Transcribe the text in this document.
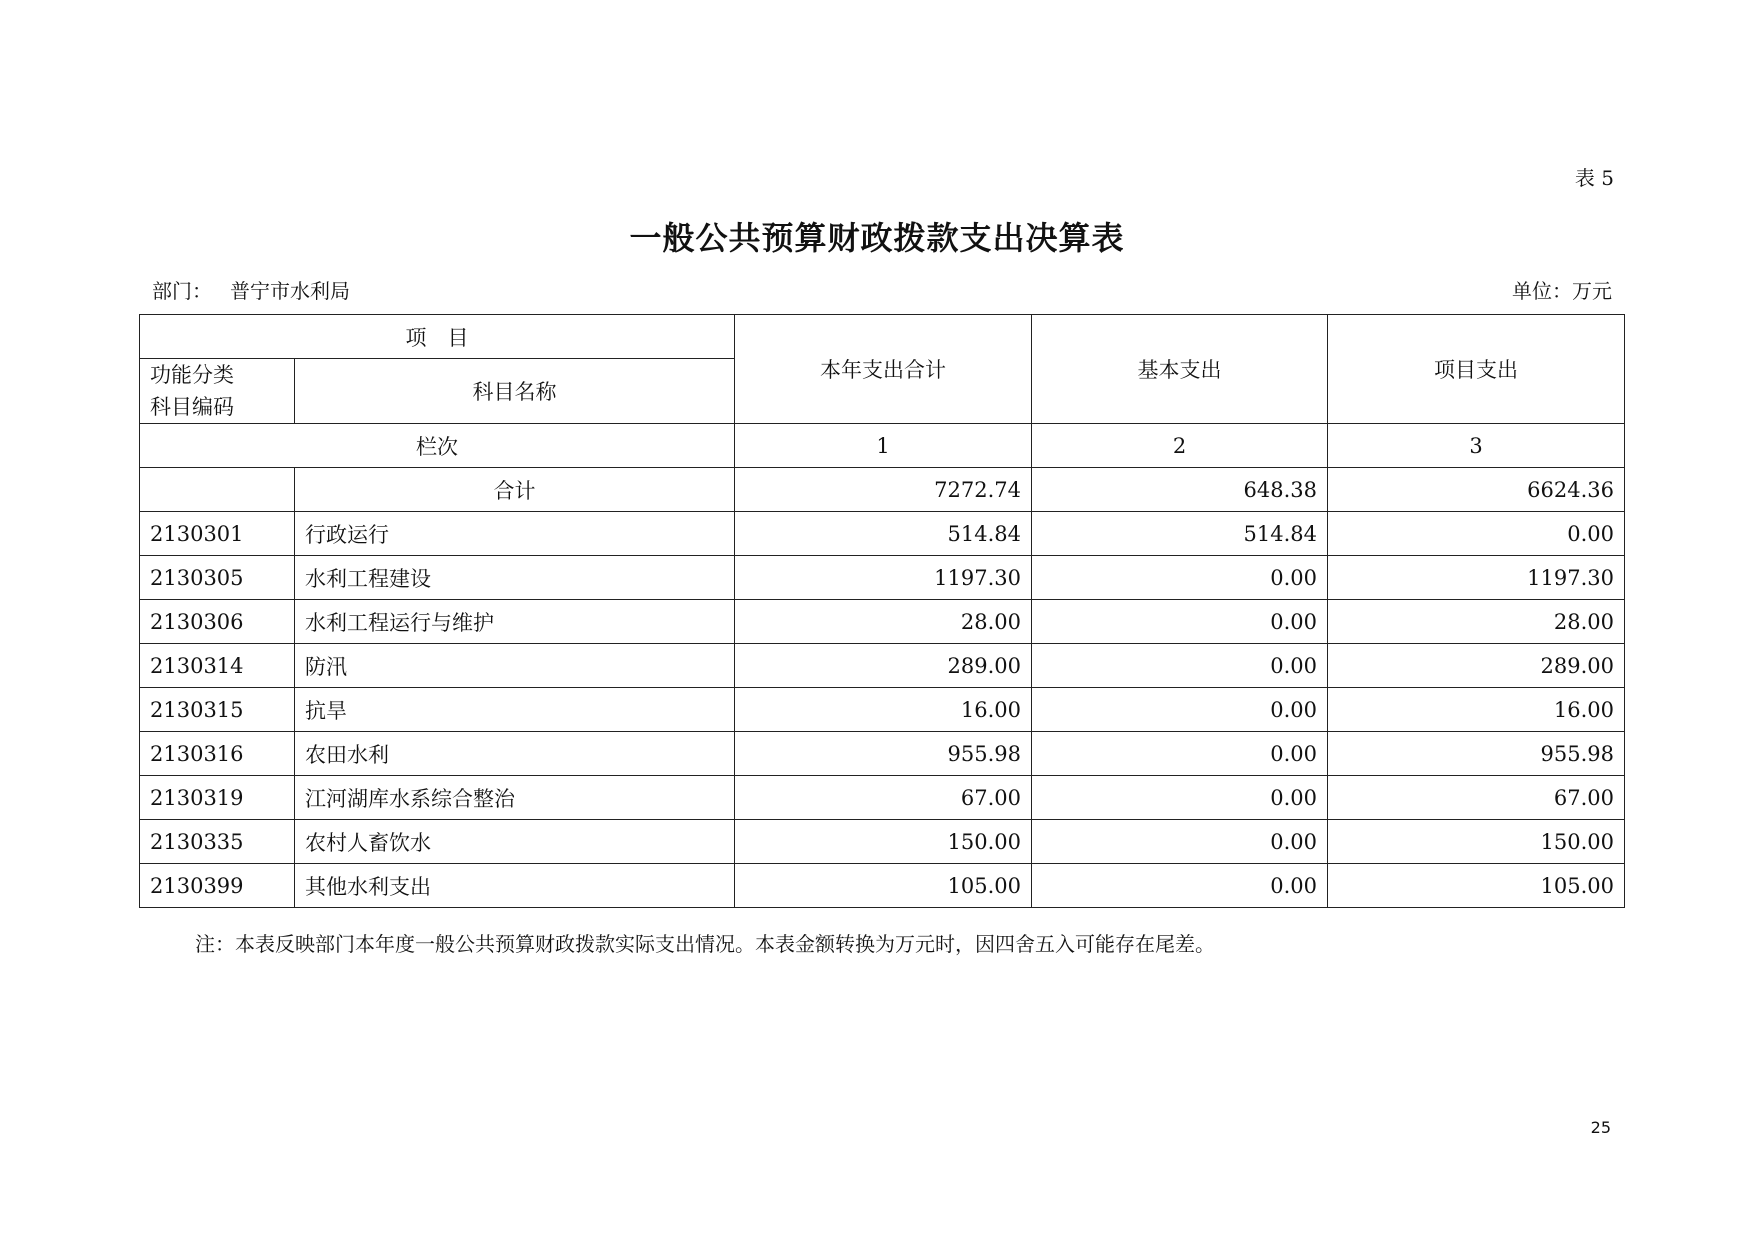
表 5
一般公共预算财政拨款支出决算表
部门： 普宁市水利局	单位：万元
项　目		本年支出合计	基本支出	项目支出
功能分类
科目编码	科目名称			
栏次		1	2	3
	合计	7272.74	648.38	6624.36
2130301	行政运行	514.84	514.84	0.00
2130305	水利工程建设	1197.30	0.00	1197.30
2130306	水利工程运行与维护	28.00	0.00	28.00
2130314	防汛	289.00	0.00	289.00
2130315	抗旱	16.00	0.00	16.00
2130316	农田水利	955.98	0.00	955.98
2130319	江河湖库水系综合整治	67.00	0.00	67.00
2130335	农村人畜饮水	150.00	0.00	150.00
2130399	其他水利支出	105.00	0.00	105.00
注：本表反映部门本年度一般公共预算财政拨款实际支出情况。本表金额转换为万元时，因四舍五入可能存在尾差。
25
